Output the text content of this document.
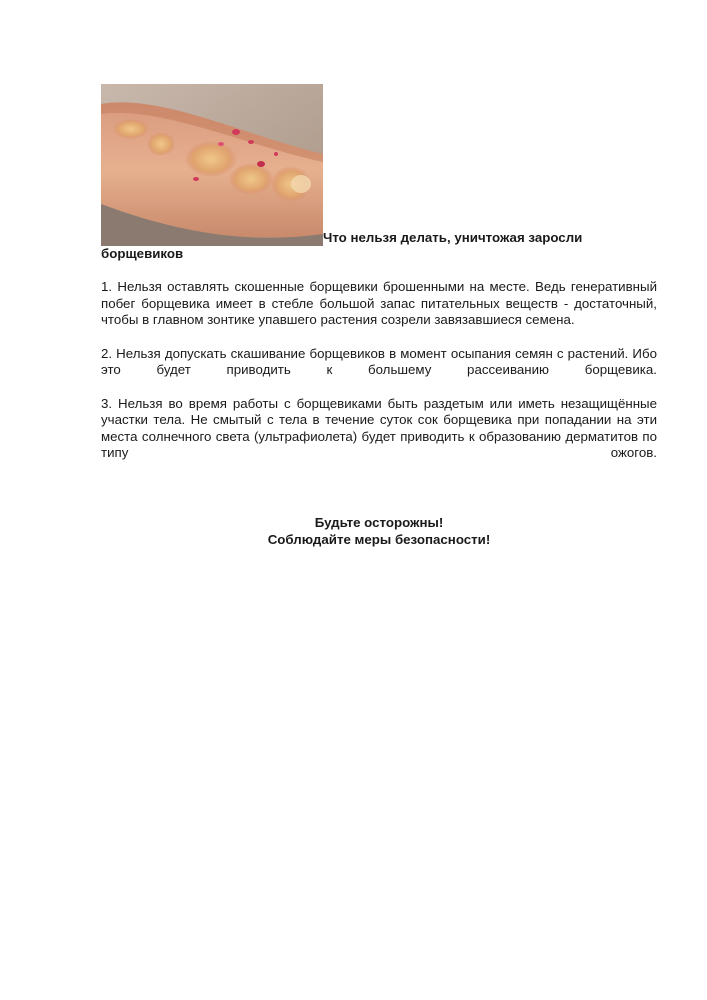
Что нельзя делать, уничтожая заросли

борщевиков

1. Нельзя оставлять скошенные борщевики брошенными на месте. Ведь генеративный побег борщевика имеет в стебле большой запас питательных веществ - достаточный, чтобы в главном зонтике упавшего растения созрели завязавшиеся семена.

2. Нельзя допускать скашивание борщевиков в момент осыпания семян с растений. Ибо это будет приводить к большему рассеиванию борщевика.

3. Нельзя во время работы с борщевиками быть раздетым или иметь незащищённые участки тела. Не смытый с тела в течение суток сок борщевика при попадании на эти места солнечного света (ультрафиолета) будет приводить к образованию дерматитов по типу ожогов.

Будьте осторожны!
Соблюдайте меры безопасности!
